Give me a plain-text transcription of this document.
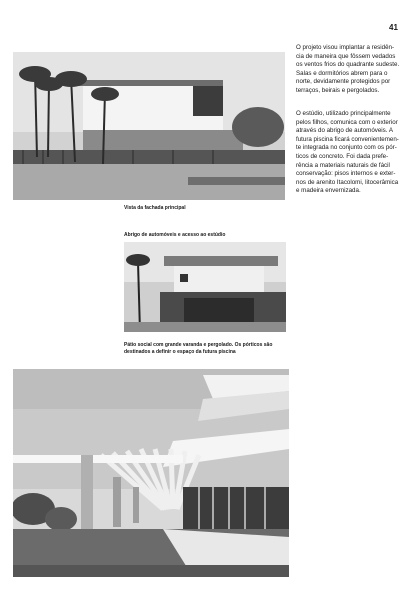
41
Vista da fachada principal
Abrigo de automóveis e acesso ao estúdio
Pátio social com grande varanda e pergolado. Os pórticos são
destinados a definir o espaço da futura piscina
O projeto visou implantar a residên-
cia de maneira que fôssem vedados
os ventos frios do quadrante sudeste.
Salas e dormitórios abrem para o
norte, devidamente protegidos por
terraços, beirais e pergolados.
O estúdio, utilizado principalmente
pelos filhos, comunica com o exterior
através do abrigo de automóveis. A
futura piscina ficará convenientemen-
te integrada no conjunto com os pór-
ticos de concreto. Foi dada prefe-
rência a materiais naturais de fácil
conservação: pisos internos e exter-
nos de arenito Itacolomi, litocerâmica
e madeira envernizada.
